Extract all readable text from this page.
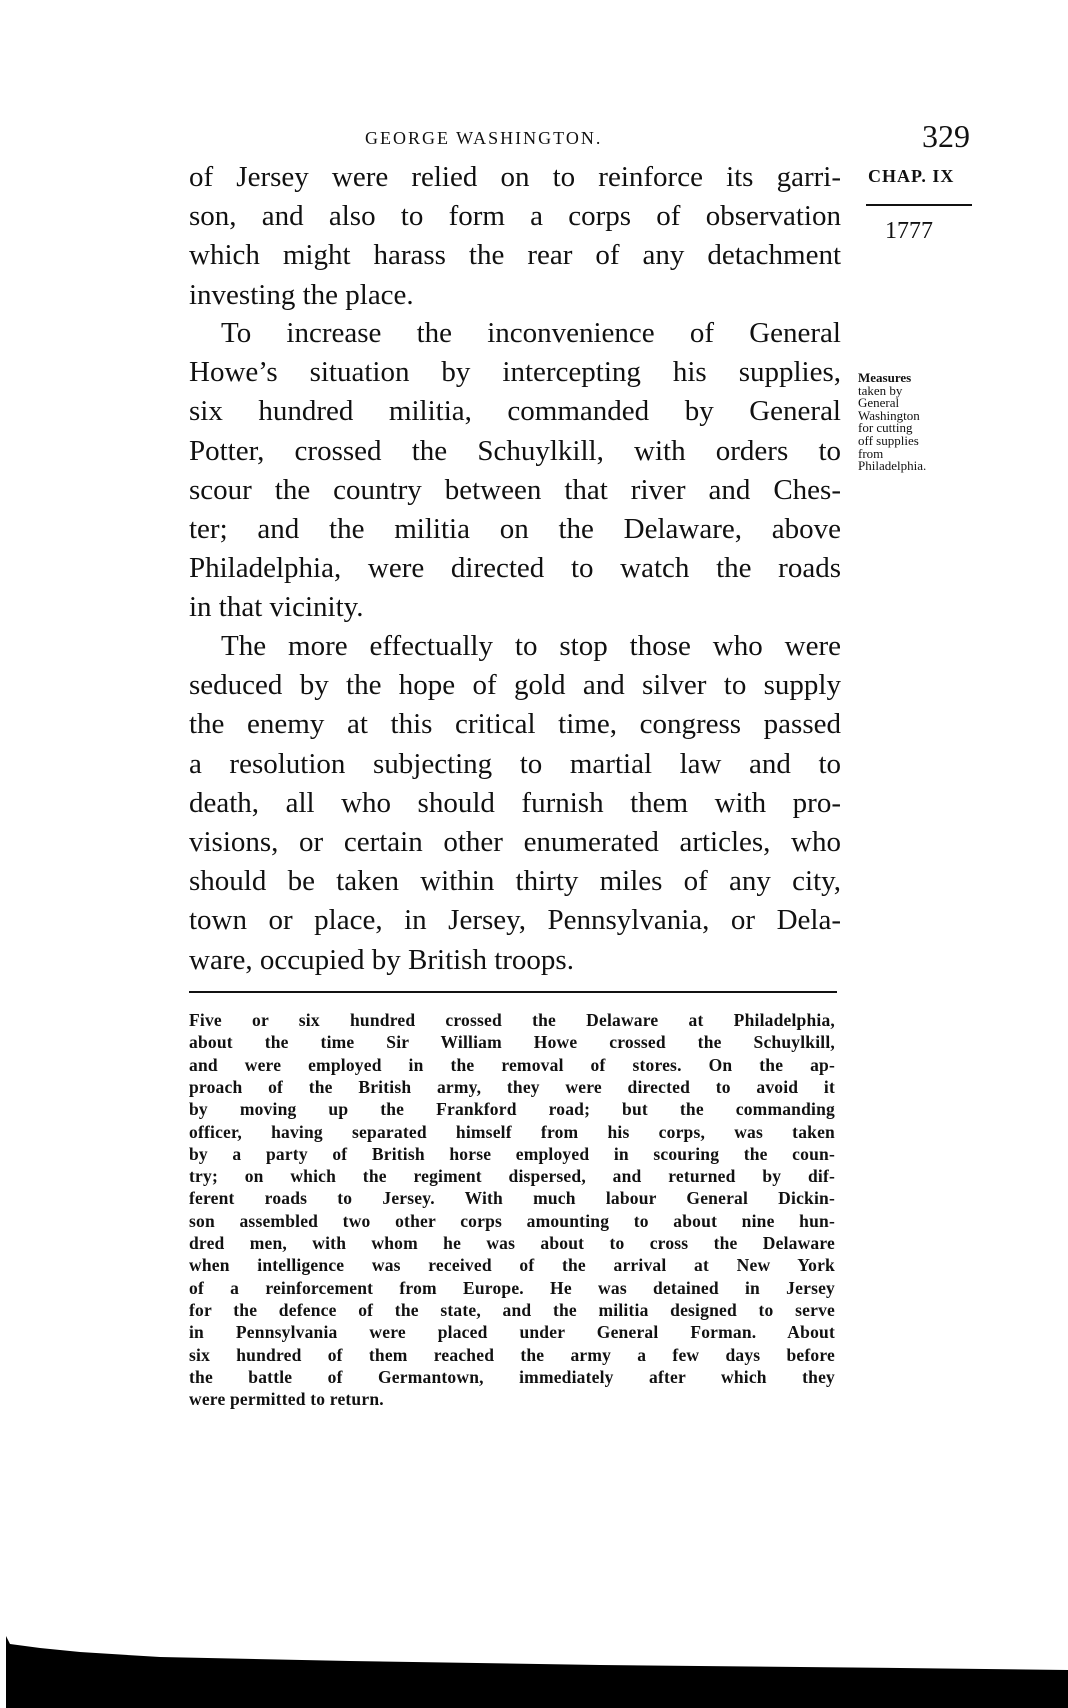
GEORGE WASHINGTON.	329
CHAP. IX
1777
of Jersey were relied on to reinforce its garri-
son, and also to form a corps of observation
which might harass the rear of any detachment
investing the place.
To increase the inconvenience of General
Howe’s situation by intercepting his supplies,
six hundred militia, commanded by General
Potter, crossed the Schuylkill, with orders to
scour the country between that river and Ches-
ter; and the militia on the Delaware, above
Philadelphia, were directed to watch the roads
in that vicinity.
The more effectually to stop those who were
seduced by the hope of gold and silver to supply
the enemy at this critical time, congress passed
a resolution subjecting to martial law and to
death, all who should furnish them with pro-
visions, or certain other enumerated articles, who
should be taken within thirty miles of any city,
town or place, in Jersey, Pennsylvania, or Dela-
ware, occupied by British troops.
Measures
taken by
General
Washington
for cutting
off supplies
from
Philadelphia.
Five or six hundred crossed the Delaware at Philadelphia,
about the time Sir William Howe crossed the Schuylkill,
and were employed in the removal of stores. On the ap-
proach of the British army, they were directed to avoid it
by moving up the Frankford road; but the commanding
officer, having separated himself from his corps, was taken
by a party of British horse employed in scouring the coun-
try; on which the regiment dispersed, and returned by dif-
ferent roads to Jersey. With much labour General Dickin-
son assembled two other corps amounting to about nine hun-
dred men, with whom he was about to cross the Delaware
when intelligence was received of the arrival at New York
of a reinforcement from Europe. He was detained in Jersey
for the defence of the state, and the militia designed to serve
in Pennsylvania were placed under General Forman. About
six hundred of them reached the army a few days before
the battle of Germantown, immediately after which they
were permitted to return.
